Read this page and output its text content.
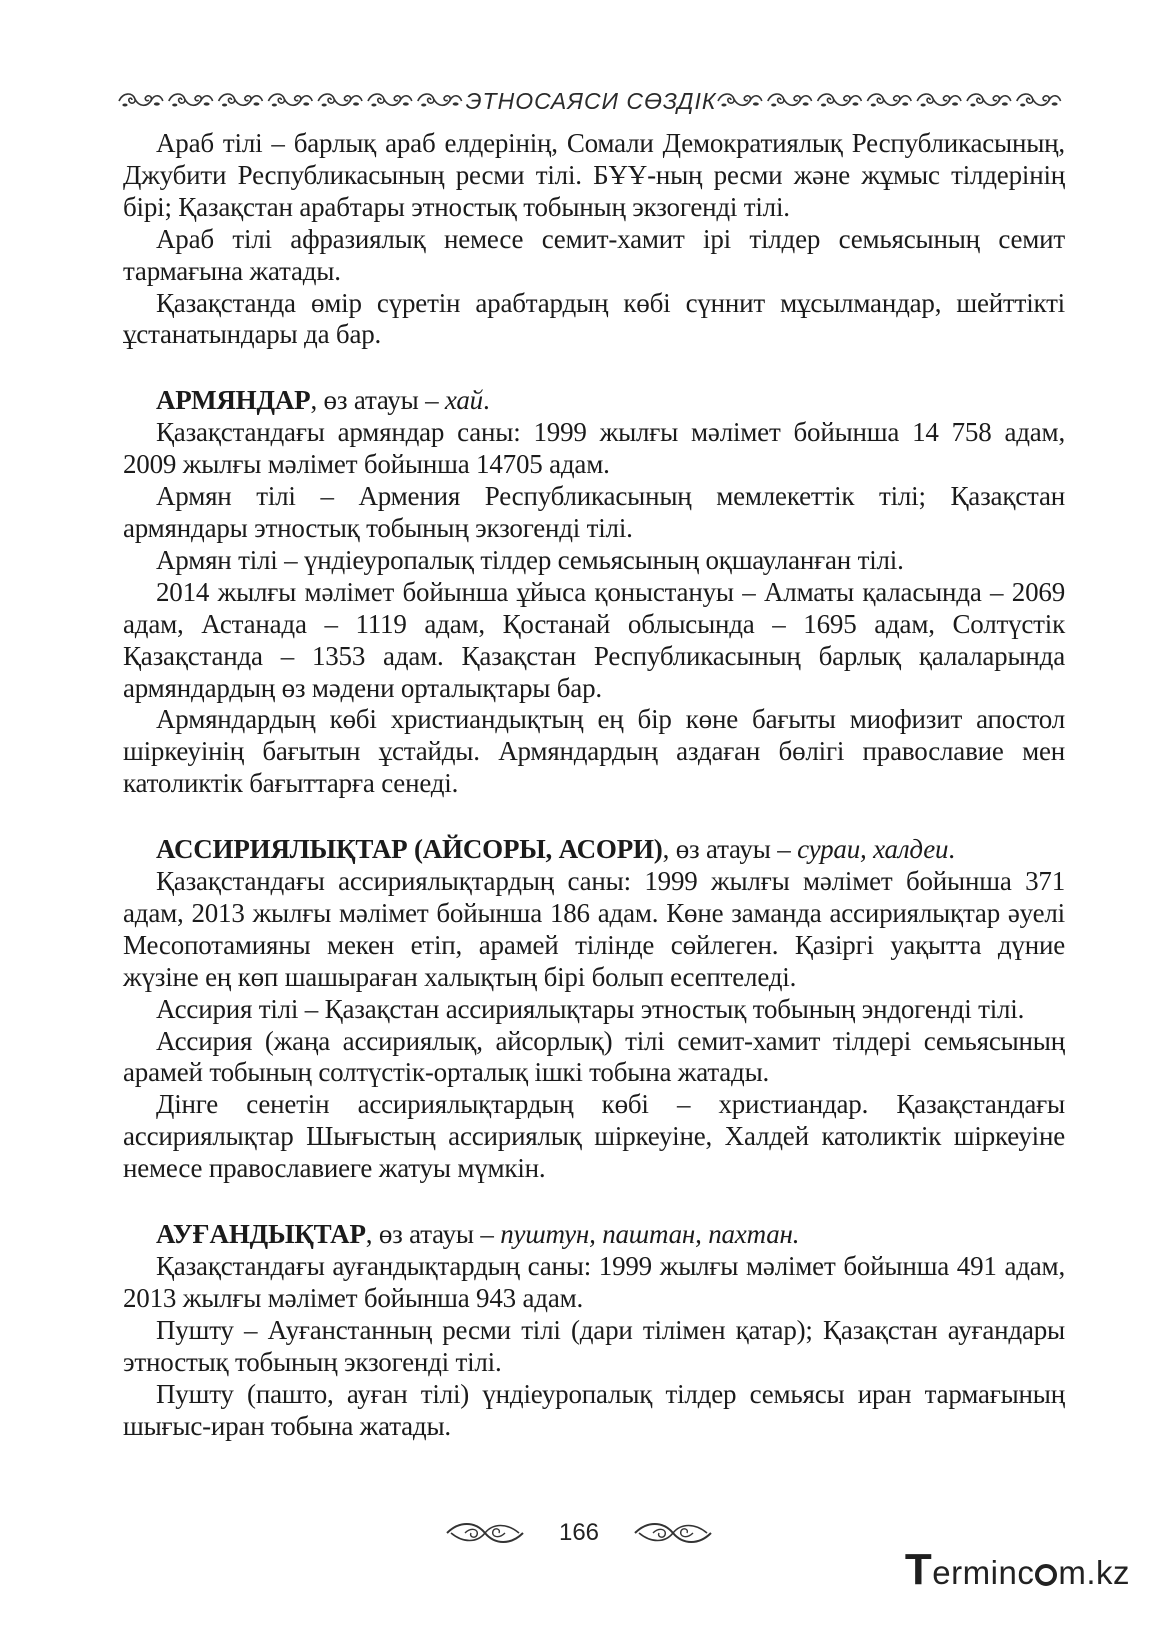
ЭТНОСАЯСИ СӨЗДІК

Араб тілі – барлық араб елдерінің, Сомали Демократиялық Республикасының, Джубити Республикасының ресми тілі. БҰҰ-ның ресми және жұмыс тілдерінің бірі; Қазақстан арабтары этностық тобының экзогенді тілі.

Араб тілі афразиялық немесе семит-хамит ірі тілдер семьясының семит тармағына жатады.

Қазақстанда өмір сүретін арабтардың көбі сүннит мұсылмандар, шейттіктi ұстанатындары да бар.

АРМЯНДАР, өз атауы – хай.

Қазақстандағы армяндар саны: 1999 жылғы мәлімет бойынша 14 758 адам, 2009 жылғы мәлімет бойынша 14705 адам.

Армян тілі – Армения Республикасының мемлекеттік тілі; Қазақстан армяндары этностық тобының экзогенді тілі.

Армян тілі – үндіеуропалық тілдер семьясының оқшауланған тілі.

2014 жылғы мәлімет бойынша ұйыса қоныстануы – Алматы қаласында – 2069 адам, Астанада – 1119 адам, Қостанай облысында – 1695 адам, Солтүстік Қазақстанда – 1353 адам. Қазақстан Республикасының барлық қалаларында армяндардың өз мәдени орталықтары бар.

Армяндардың көбі христиандықтың ең бір көне бағыты миофизит апостол шіркеуінің бағытын ұстайды. Армяндардың аздаған бөлігі православие мен католиктік бағыттарға сенеді.

АССИРИЯЛЫҚТАР (АЙСОРЫ, АСОРИ), өз атауы – сураи, халдеи.

Қазақстандағы ассириялықтардың саны: 1999 жылғы мәлімет бойынша 371 адам, 2013 жылғы мәлімет бойынша 186 адам. Көне заманда ассириялықтар әуелі Месопотамияны мекен етіп, арамей тілінде сөйлеген. Қазіргі уақытта дүние жүзіне ең көп шашыраған халықтың бірі болып есептеледі.

Ассирия тілі – Қазақстан ассириялықтары этностық тобының эндогенді тілі.

Ассирия (жаңа ассириялық, айсорлық) тілі семит-хамит тілдері семьясының арамей тобының солтүстік-орталық ішкі тобына жатады.

Дінге сенетін ассириялықтардың көбі – христиандар. Қазақстандағы ассириялықтар Шығыстың ассириялық шіркеуіне, Халдей католиктік шіркеуіне немесе православиеге жатуы мүмкін.

АУҒАНДЫҚТАР, өз атауы – пуштун, паштан, пахтан.

Қазақстандағы ауғандықтардың саны: 1999 жылғы мәлімет бойынша 491 адам, 2013 жылғы мәлімет бойынша 943 адам.

Пушту – Ауғанстанның ресми тілі (дари тілімен қатар); Қазақстан ауғандары этностық тобының экзогенді тілі.

Пушту (пашто, ауған тілі) үндіеуропалық тілдер семьясы иран тармағының шығыс-иран тобына жатады.

166
Terminc m.kz
